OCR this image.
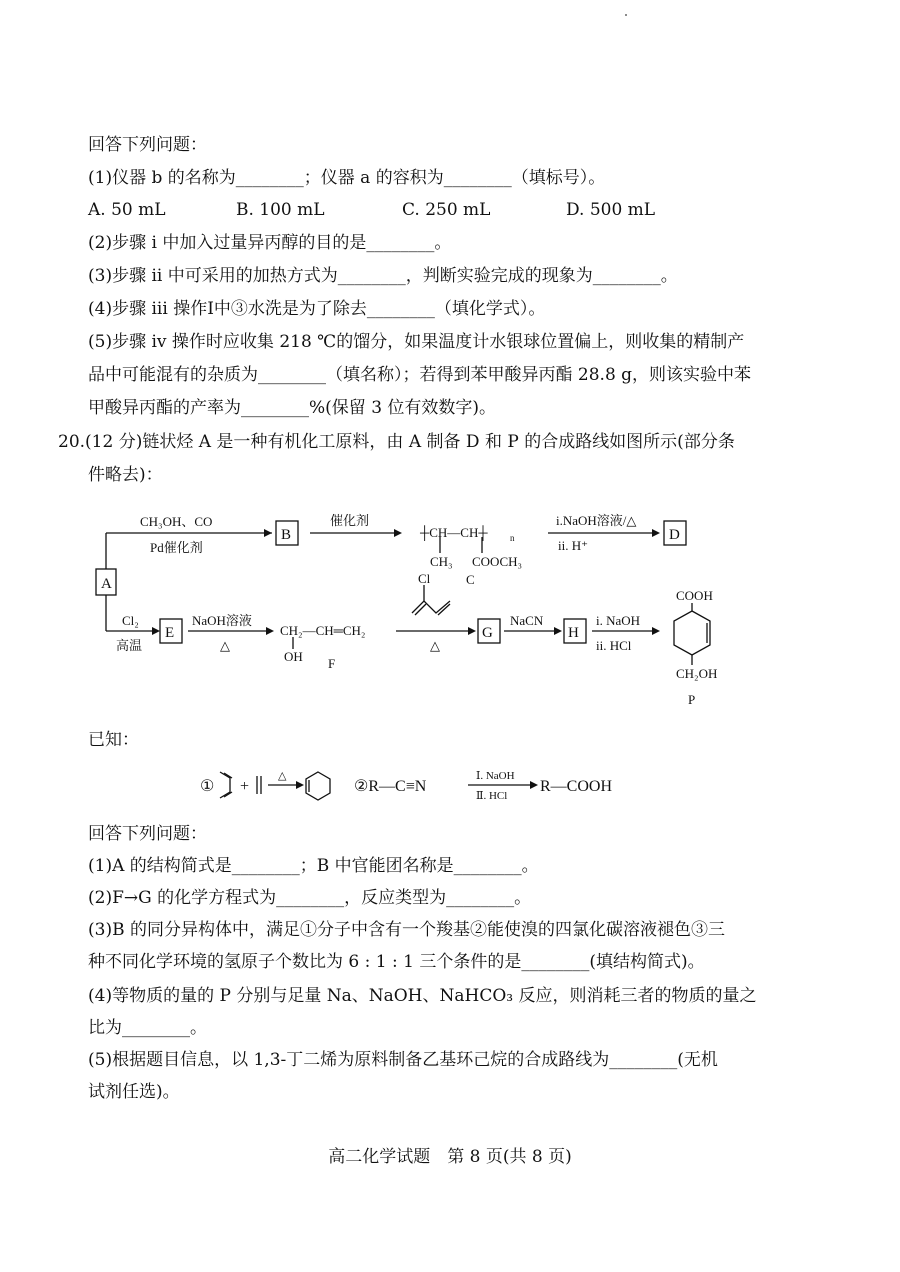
回答下列问题：
(1)仪器 b 的名称为________；仪器 a 的容积为________（填标号）。
A. 50 mL	B. 100 mL	C. 250 mL	D. 500 mL
(2)步骤 i 中加入过量异丙醇的目的是________。
(3)步骤 ii 中可采用的加热方式为________，判断实验完成的现象为________。
(4)步骤 iii 操作Ⅰ中③水洗是为了除去________（填化学式）。
(5)步骤 iv 操作时应收集 218 ℃的馏分，如果温度计水银球位置偏上，则收集的精制产
品中可能混有的杂质为________（填名称）；若得到苯甲酸异丙酯 28.8 g，则该实验中苯
甲酸异丙酯的产率为________%(保留 3 位有效数字)。
20.(12 分)链状烃 A 是一种有机化工原料，由 A 制备 D 和 P 的合成路线如图所示(部分条
件略去)：
A
B	D
E	G	H
CH₃OH、CO
Pd催化剂
催化剂
┼CH—CH┼ n
CH₃ COOCH₃
C
i.NaOH溶液/△
ii. H⁺
Cl₂
高温
NaOH溶液
△
CH₂—CH═CH₂
OH F
Cl
△
NaCN	i. NaOH
ii. HCl
COOH
CH₂OH
P
已知：
① +	②R—C≡N	R—COOH
△	Ⅰ. NaOH
Ⅱ. HCl
回答下列问题：
(1)A 的结构简式是________；B 中官能团名称是________。
(2)F→G 的化学方程式为________，反应类型为________。
(3)B 的同分异构体中，满足①分子中含有一个羧基②能使溴的四氯化碳溶液褪色③三
种不同化学环境的氢原子个数比为 6 : 1 : 1 三个条件的是________(填结构简式)。
(4)等物质的量的 P 分别与足量 Na、NaOH、NaHCO₃ 反应，则消耗三者的物质的量之
比为________。
(5)根据题目信息，以 1,3-丁二烯为原料制备乙基环己烷的合成路线为________(无机
试剂任选)。
高二化学试题　第 8 页(共 8 页)
